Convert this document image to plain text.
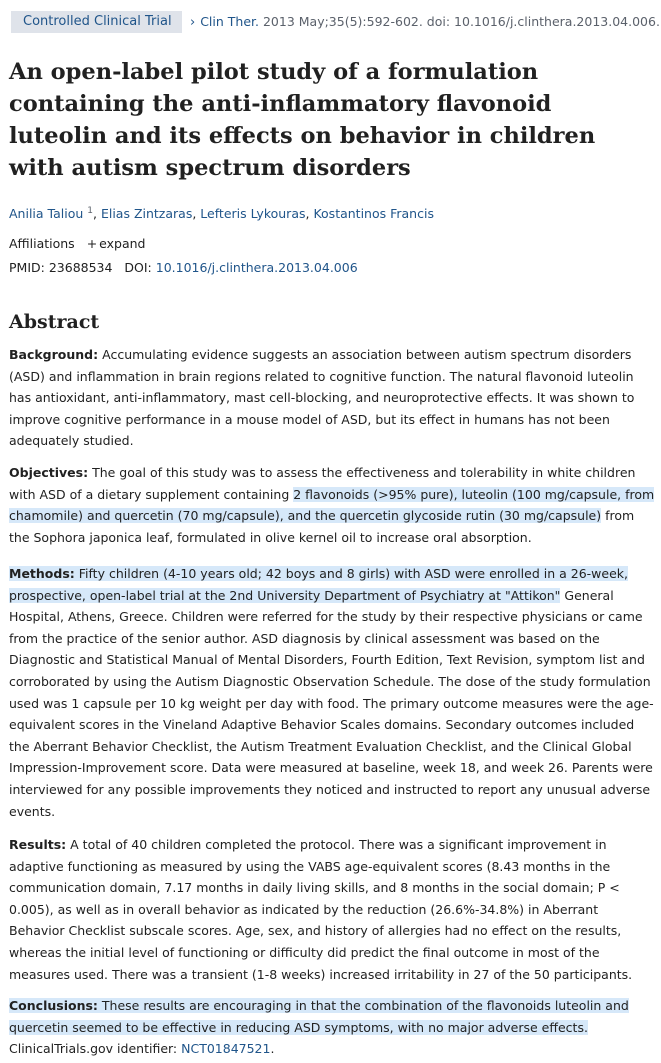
Controlled Clinical Trial	› Clin Ther. 2013 May;35(5):592-602. doi: 10.1016/j.clinthera.2013.04.006.
An open-label pilot study of a formulation containing the anti-inflammatory flavonoid luteolin and its effects on behavior in children with autism spectrum disorders
Anilia Taliou $^1$, Elias Zintzaras, Lefteris Lykouras, Kostantinos Francis
Affiliations + expand
PMID: 23688534 DOI: 10.1016/j.clinthera.2013.04.006
Abstract

Background: Accumulating evidence suggests an association between autism spectrum disorders (ASD) and inflammation in brain regions related to cognitive function. The natural flavonoid luteolin has antioxidant, anti-inflammatory, mast cell-blocking, and neuroprotective effects. It was shown to improve cognitive performance in a mouse model of ASD, but its effect in humans has not been adequately studied.

Objectives: The goal of this study was to assess the effectiveness and tolerability in white children with ASD of a dietary supplement containing 2 flavonoids (>95% pure), luteolin (100 mg/capsule, from chamomile) and quercetin (70 mg/capsule), and the quercetin glycoside rutin (30 mg/capsule) from the Sophora japonica leaf, formulated in olive kernel oil to increase oral absorption.

Methods: Fifty children (4-10 years old; 42 boys and 8 girls) with ASD were enrolled in a 26-week, prospective, open-label trial at the 2nd University Department of Psychiatry at "Attikon" General Hospital, Athens, Greece. Children were referred for the study by their respective physicians or came from the practice of the senior author. ASD diagnosis by clinical assessment was based on the Diagnostic and Statistical Manual of Mental Disorders, Fourth Edition, Text Revision, symptom list and corroborated by using the Autism Diagnostic Observation Schedule. The dose of the study formulation used was 1 capsule per 10 kg weight per day with food. The primary outcome measures were the age-equivalent scores in the Vineland Adaptive Behavior Scales domains. Secondary outcomes included the Aberrant Behavior Checklist, the Autism Treatment Evaluation Checklist, and the Clinical Global Impression-Improvement score. Data were measured at baseline, week 18, and week 26. Parents were interviewed for any possible improvements they noticed and instructed to report any unusual adverse events.

Results: A total of 40 children completed the protocol. There was a significant improvement in adaptive functioning as measured by using the VABS age-equivalent scores (8.43 months in the communication domain, 7.17 months in daily living skills, and 8 months in the social domain; P < 0.005), as well as in overall behavior as indicated by the reduction (26.6%-34.8%) in Aberrant Behavior Checklist subscale scores. Age, sex, and history of allergies had no effect on the results, whereas the initial level of functioning or difficulty did predict the final outcome in most of the measures used. There was a transient (1-8 weeks) increased irritability in 27 of the 50 participants.

Conclusions: These results are encouraging in that the combination of the flavonoids luteolin and quercetin seemed to be effective in reducing ASD symptoms, with no major adverse effects.
ClinicalTrials.gov identifier: NCT01847521.
